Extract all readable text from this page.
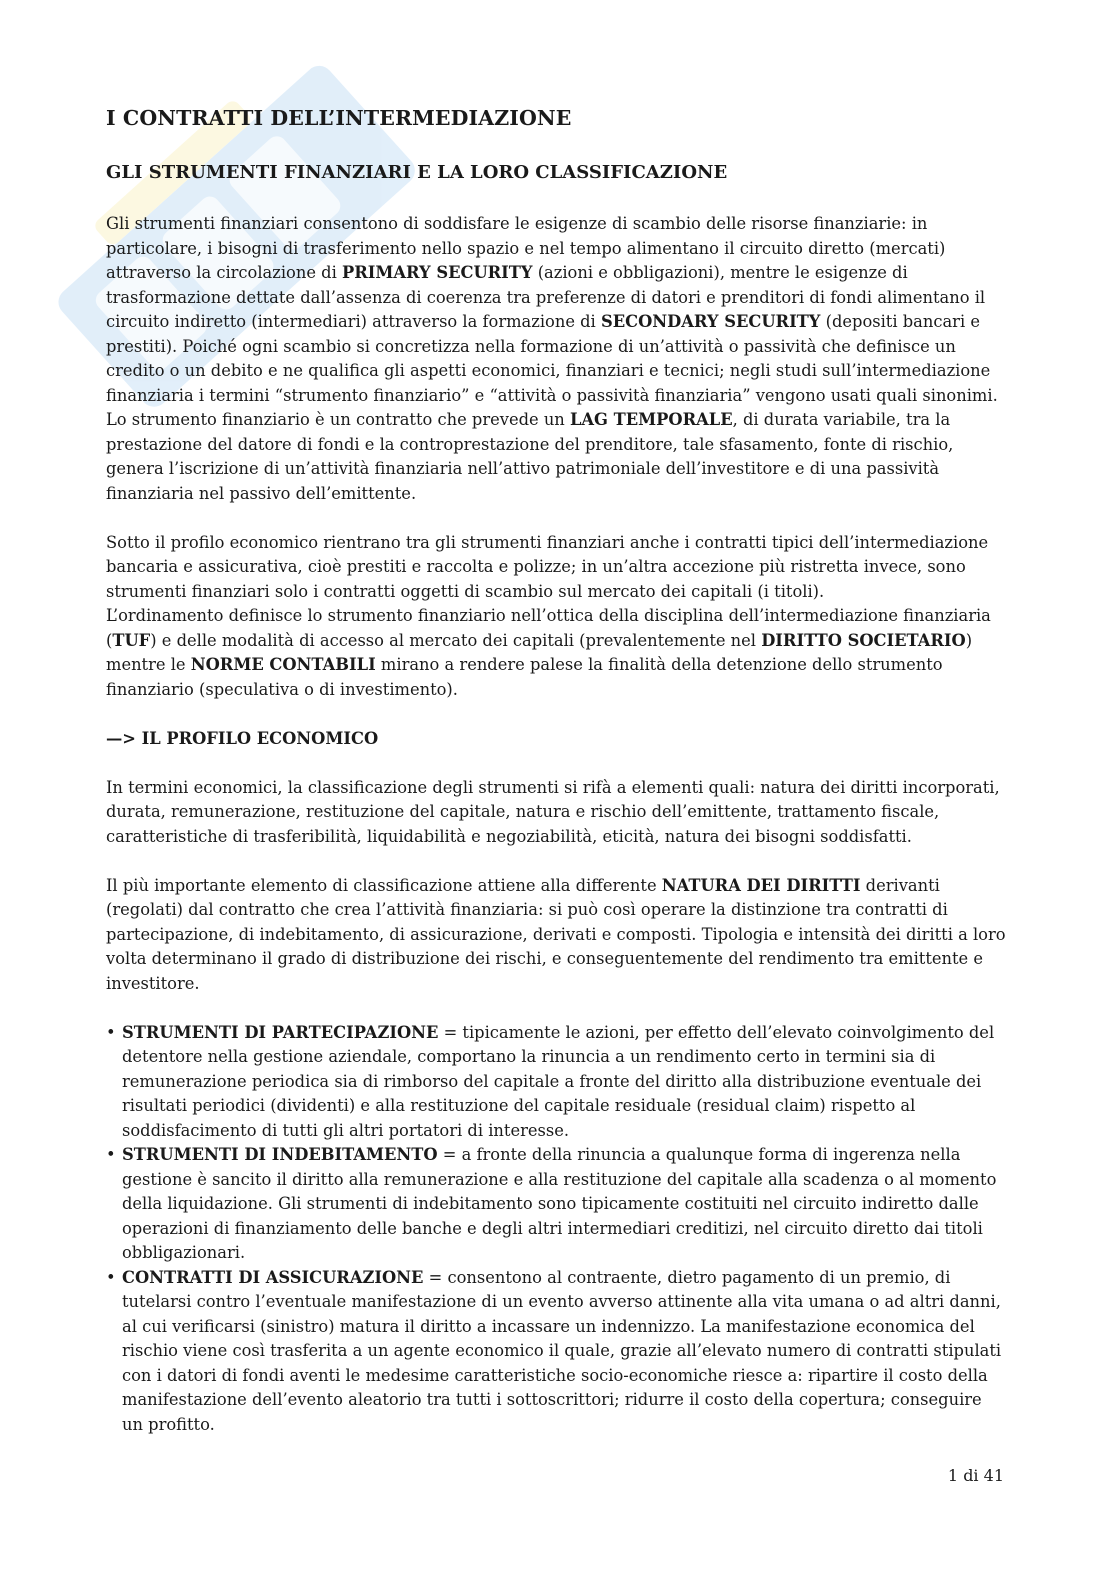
I CONTRATTI DELL’INTERMEDIAZIONE
GLI STRUMENTI FINANZIARI E LA LORO CLASSIFICAZIONE

Gli strumenti finanziari consentono di soddisfare le esigenze di scambio delle risorse finanziarie: in particolare, i bisogni di trasferimento nello spazio e nel tempo alimentano il circuito diretto (mercati) attraverso la circolazione di PRIMARY SECURITY (azioni e obbligazioni), mentre le esigenze di trasformazione dettate dall’assenza di coerenza tra preferenze di datori e prenditori di fondi alimentano il circuito indiretto (intermediari) attraverso la formazione di SECONDARY SECURITY (depositi bancari e prestiti). Poiché ogni scambio si concretizza nella formazione di un’attività o passività che definisce un credito o un debito e ne qualifica gli aspetti economici, finanziari e tecnici; negli studi sull’intermediazione finanziaria i termini “strumento finanziario” e “attività o passività finanziaria” vengono usati quali sinonimi.

Lo strumento finanziario è un contratto che prevede un LAG TEMPORALE, di durata variabile, tra la prestazione del datore di fondi e la controprestazione del prenditore, tale sfasamento, fonte di rischio, genera l’iscrizione di un’attività finanziaria nell’attivo patrimoniale dell’investitore e di una passività finanziaria nel passivo dell’emittente.

Sotto il profilo economico rientrano tra gli strumenti finanziari anche i contratti tipici dell’intermediazione bancaria e assicurativa, cioè prestiti e raccolta e polizze; in un’altra accezione più ristretta invece, sono strumenti finanziari solo i contratti oggetti di scambio sul mercato dei capitali (i titoli).

L’ordinamento definisce lo strumento finanziario nell’ottica della disciplina dell’intermediazione finanziaria (TUF) e delle modalità di accesso al mercato dei capitali (prevalentemente nel DIRITTO SOCIETARIO) mentre le NORME CONTABILI mirano a rendere palese la finalità della detenzione dello strumento finanziario (speculativa o di investimento).

—> IL PROFILO ECONOMICO

In termini economici, la classificazione degli strumenti si rifà a elementi quali: natura dei diritti incorporati, durata, remunerazione, restituzione del capitale, natura e rischio dell’emittente, trattamento fiscale, caratteristiche di trasferibilità, liquidabilità e negoziabilità, eticità, natura dei bisogni soddisfatti.

Il più importante elemento di classificazione attiene alla differente NATURA DEI DIRITTI derivanti (regolati) dal contratto che crea l’attività finanziaria: si può così operare la distinzione tra contratti di partecipazione, di indebitamento, di assicurazione, derivati e composti. Tipologia e intensità dei diritti a loro volta determinano il grado di distribuzione dei rischi, e conseguentemente del rendimento tra emittente e investitore.

• STRUMENTI DI PARTECIPAZIONE = tipicamente le azioni, per effetto dell’elevato coinvolgimento del detentore nella gestione aziendale, comportano la rinuncia a un rendimento certo in termini sia di remunerazione periodica sia di rimborso del capitale a fronte del diritto alla distribuzione eventuale dei risultati periodici (dividenti) e alla restituzione del capitale residuale (residual claim) rispetto al soddisfacimento di tutti gli altri portatori di interesse.
• STRUMENTI DI INDEBITAMENTO = a fronte della rinuncia a qualunque forma di ingerenza nella gestione è sancito il diritto alla remunerazione e alla restituzione del capitale alla scadenza o al momento della liquidazione. Gli strumenti di indebitamento sono tipicamente costituiti nel circuito indiretto dalle operazioni di finanziamento delle banche e degli altri intermediari creditizi, nel circuito diretto dai titoli obbligazionari.
• CONTRATTI DI ASSICURAZIONE = consentono al contraente, dietro pagamento di un premio, di tutelarsi contro l’eventuale manifestazione di un evento avverso attinente alla vita umana o ad altri danni, al cui verificarsi (sinistro) matura il diritto a incassare un indennizzo. La manifestazione economica del rischio viene così trasferita a un agente economico il quale, grazie all’elevato numero di contratti stipulati con i datori di fondi aventi le medesime caratteristiche socio-economiche riesce a: ripartire il costo della manifestazione dell’evento aleatorio tra tutti i sottoscrittori; ridurre il costo della copertura; conseguire un profitto.
1 di 41
